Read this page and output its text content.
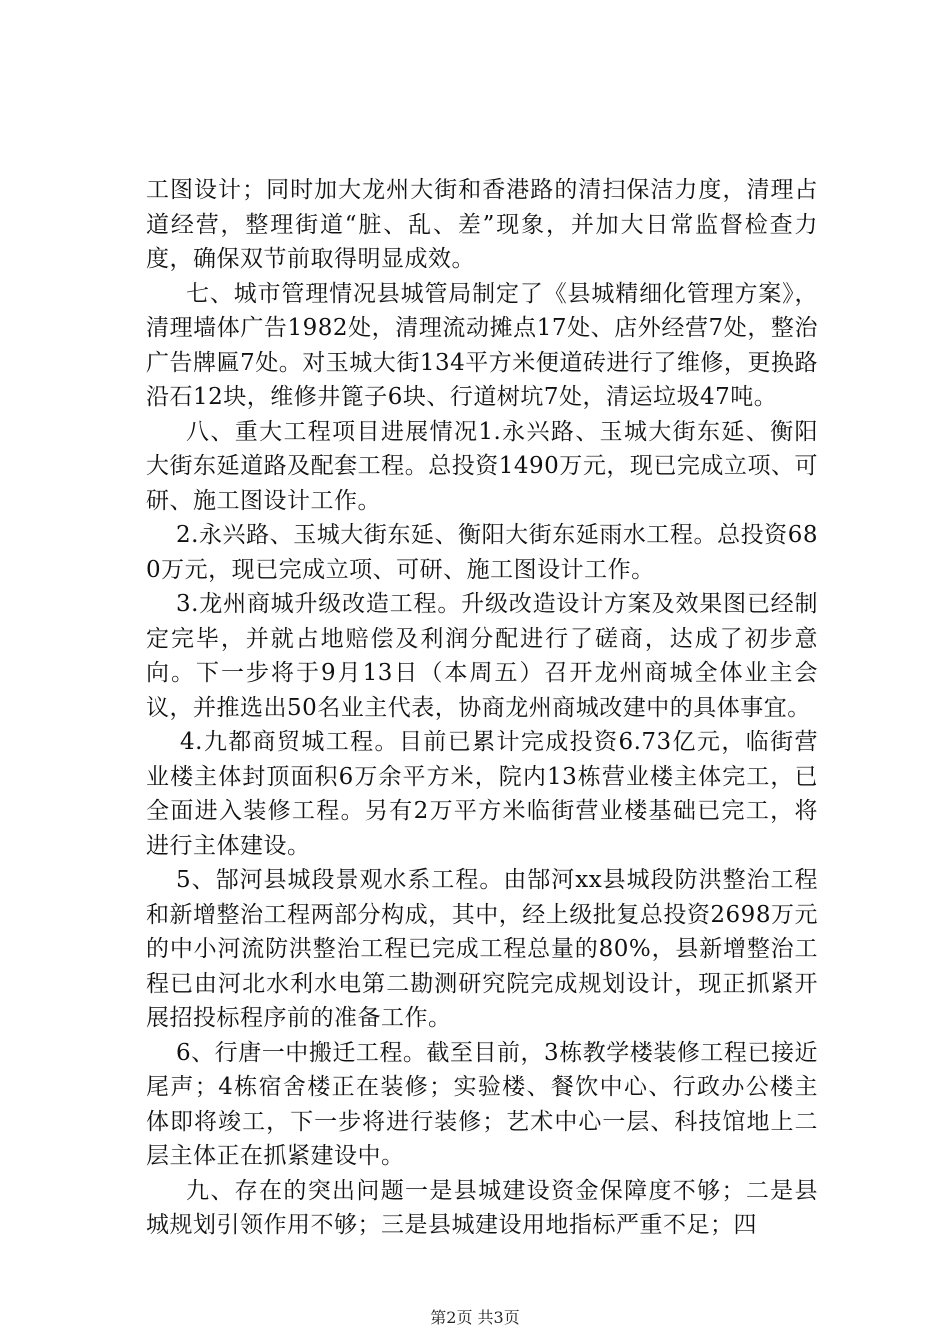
工图设计；同时加大龙州大街和香港路的清扫保洁力度，清理占道经营，整理街道“脏、乱、差”现象，并加大日常监督检查力度，确保双节前取得明显成效。

七、城市管理情况县城管局制定了《县城精细化管理方案》，清理墙体广告1982处，清理流动摊点17处、店外经营7处，整治广告牌匾7处。对玉城大街134平方米便道砖进行了维修，更换路沿石12块，维修井篦子6块、行道树坑7处，清运垃圾47吨。

八、重大工程项目进展情况1.永兴路、玉城大街东延、衡阳大街东延道路及配套工程。总投资1490万元，现已完成立项、可研、施工图设计工作。

2.永兴路、玉城大街东延、衡阳大街东延雨水工程。总投资680万元，现已完成立项、可研、施工图设计工作。

3.龙州商城升级改造工程。升级改造设计方案及效果图已经制定完毕，并就占地赔偿及利润分配进行了磋商，达成了初步意向。下一步将于9月13日（本周五）召开龙州商城全体业主会议，并推选出50名业主代表，协商龙州商城改建中的具体事宜。

4.九都商贸城工程。目前已累计完成投资6.73亿元，临街营业楼主体封顶面积6万余平方米，院内13栋营业楼主体完工，已全面进入装修工程。另有2万平方米临街营业楼基础已完工，将进行主体建设。

5、郜河县城段景观水系工程。由郜河xx县城段防洪整治工程和新增整治工程两部分构成，其中，经上级批复总投资2698万元的中小河流防洪整治工程已完成工程总量的80%，县新增整治工程已由河北水利水电第二勘测研究院完成规划设计，现正抓紧开展招投标程序前的准备工作。

6、行唐一中搬迁工程。截至目前，3栋教学楼装修工程已接近尾声；4栋宿舍楼正在装修；实验楼、餐饮中心、行政办公楼主体即将竣工，下一步将进行装修；艺术中心一层、科技馆地上二层主体正在抓紧建设中。

九、存在的突出问题一是县城建设资金保障度不够；二是县城规划引领作用不够；三是县城建设用地指标严重不足；四

第2页 共3页
